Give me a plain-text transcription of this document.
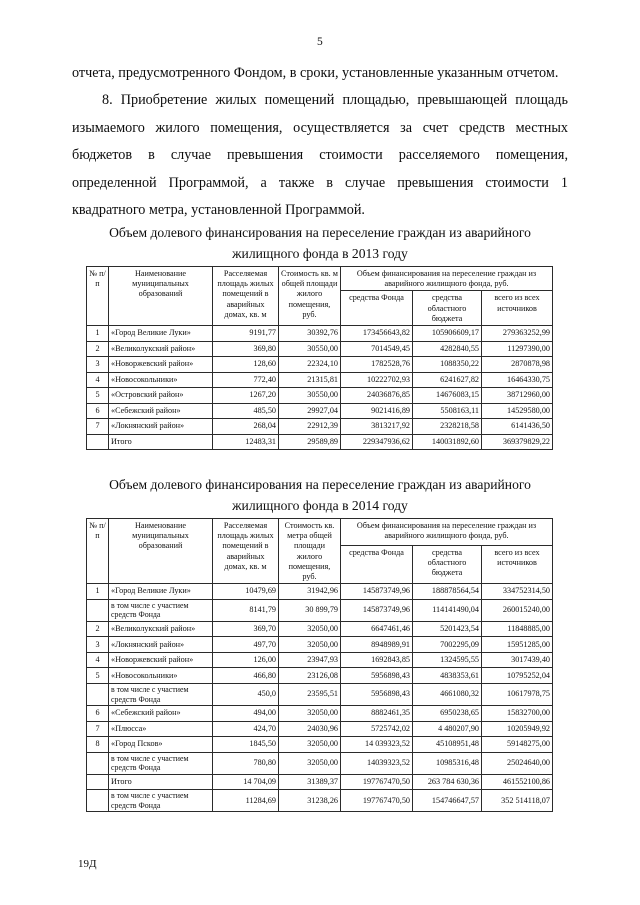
5

отчета, предусмотренного Фондом, в сроки, установленные указанным отчетом.

8. Приобретение жилых помещений площадью, превышающей площадь изымаемого жилого помещения, осуществляется за счет средств местных бюджетов в случае превышения стоимости расселяемого помещения, определенной Программой, а также в случае превышения стоимости 1 квадратного метра, установленной Программой.

Объем долевого финансирования на переселение граждан из аварийного жилищного фонда в 2013 году
№ п/п	Наименование муниципальных образований	Расселяемая площадь жилых помещений в аварийных домах, кв. м	Стоимость кв. м общей площади жилого помещения, руб.	Объем финансирования на переселение граждан из аварийного жилищного фонда, руб.		
				средства Фонда	средства областного бюджета	всего из всех источников
1	«Город Великие Луки»	9191,77	30392,76	173456643,82	105906609,17	279363252,99
2	«Великолукский район»	369,80	30550,00	7014549,45	4282840,55	11297390,00
3	«Новоржевский район»	128,60	22324,10	1782528,76	1088350,22	2870878,98
4	«Новосокольники»	772,40	21315,81	10222702,93	6241627,82	16464330,75
5	«Островский район»	1267,20	30550,00	24036876,85	14676083,15	38712960,00
6	«Себежский район»	485,50	29927,04	9021416,89	5508163,11	14529580,00
7	«Локнянский район»	268,04	22912,39	3813217,92	2328218,58	6141436,50
	Итого	12483,31	29589,89	229347936,62	140031892,60	369379829,22
Объем долевого финансирования на переселение граждан из аварийного жилищного фонда в 2014 году
№ п/п	Наименование муниципальных образований	Расселяемая площадь жилых помещений в аварийных домах, кв. м	Стоимость кв. метра общей площади жилого помещения, руб.	Объем финансирования на переселение граждан из аварийного жилищного фонда, руб.		
				средства Фонда	средства областного бюджета	всего из всех источников
1	«Город Великие Луки»	10479,69	31942,96	145873749,96	188878564,54	334752314,50
	в том числе с участием средств Фонда	8141,79	30 899,79	145873749,96	114141490,04	260015240,00
2	«Великолукский район»	369,70	32050,00	6647461,46	5201423,54	11848885,00
3	«Локнянский район»	497,70	32050,00	8948989,91	7002295,09	15951285,00
4	«Новоржевский район»	126,00	23947,93	1692843,85	1324595,55	3017439,40
5	«Новосокольники»	466,80	23126,08	5956898,43	4838353,61	10795252,04
	в том числе с участием средств Фонда	450,0	23595,51	5956898,43	4661080,32	10617978,75
6	«Себежский район»	494,00	32050,00	8882461,35	6950238,65	15832700,00
7	«Плюсса»	424,70	24030,96	5725742,02	4 480207,90	10205949,92
8	«Город Псков»	1845,50	32050,00	14 039323,52	45108951,48	59148275,00
	в том числе с участием средств Фонда	780,80	32050,00	14039323,52	10985316,48	25024640,00
	Итого	14 704,09	31389,37	197767470,50	263 784 630,36	461552100,86
	в том числе с участием средств Фонда	11284,69	31238,26	197767470,50	154746647,57	352 514118,07
19Д
